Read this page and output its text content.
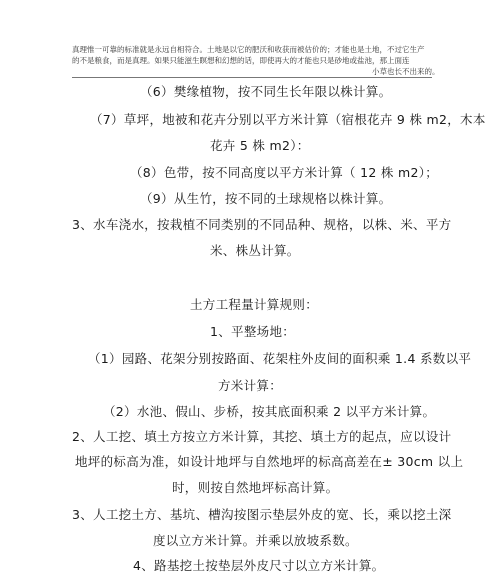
真理惟一可靠的标准就是永远自相符合。土地是以它的肥沃和收获而被估价的；才能也是土地，不过它生产
的不是粮食，而是真理。如果只能滋生瞑想和幻想的话，即使再大的才能也只是砂地或盐池，那上面连
小草也长不出来的。
（6）樊缘植物，按不同生长年限以株计算。
（7）草坪，地被和花卉分别以平方米计算（宿根花卉 9 株 m2，木本
花卉 5 株 m2）：
（8）色带，按不同高度以平方米计算（ 12 株 m2）；
（9）从生竹，按不同的土球规格以株计算。
3、水车浇水，按栽植不同类别的不同品种、规格，以株、米、平方
米、株丛计算。
土方工程量计算规则：
1、平整场地：
（1）园路、花架分别按路面、花架柱外皮间的面积乘 1.4 系数以平
方米计算：
（2）水池、假山、步桥，按其底面积乘 2 以平方米计算。
2、人工挖、填土方按立方米计算，其挖、填土方的起点，应以设计
地坪的标高为准，如设计地坪与自然地坪的标高高差在± 30cm 以上
时，则按自然地坪标高计算。
3、人工挖土方、基坑、槽沟按图示垫层外皮的宽、长，乘以挖土深
度以立方米计算。并乘以放坡系数。
4、路基挖土按垫层外皮尺寸以立方米计算。
